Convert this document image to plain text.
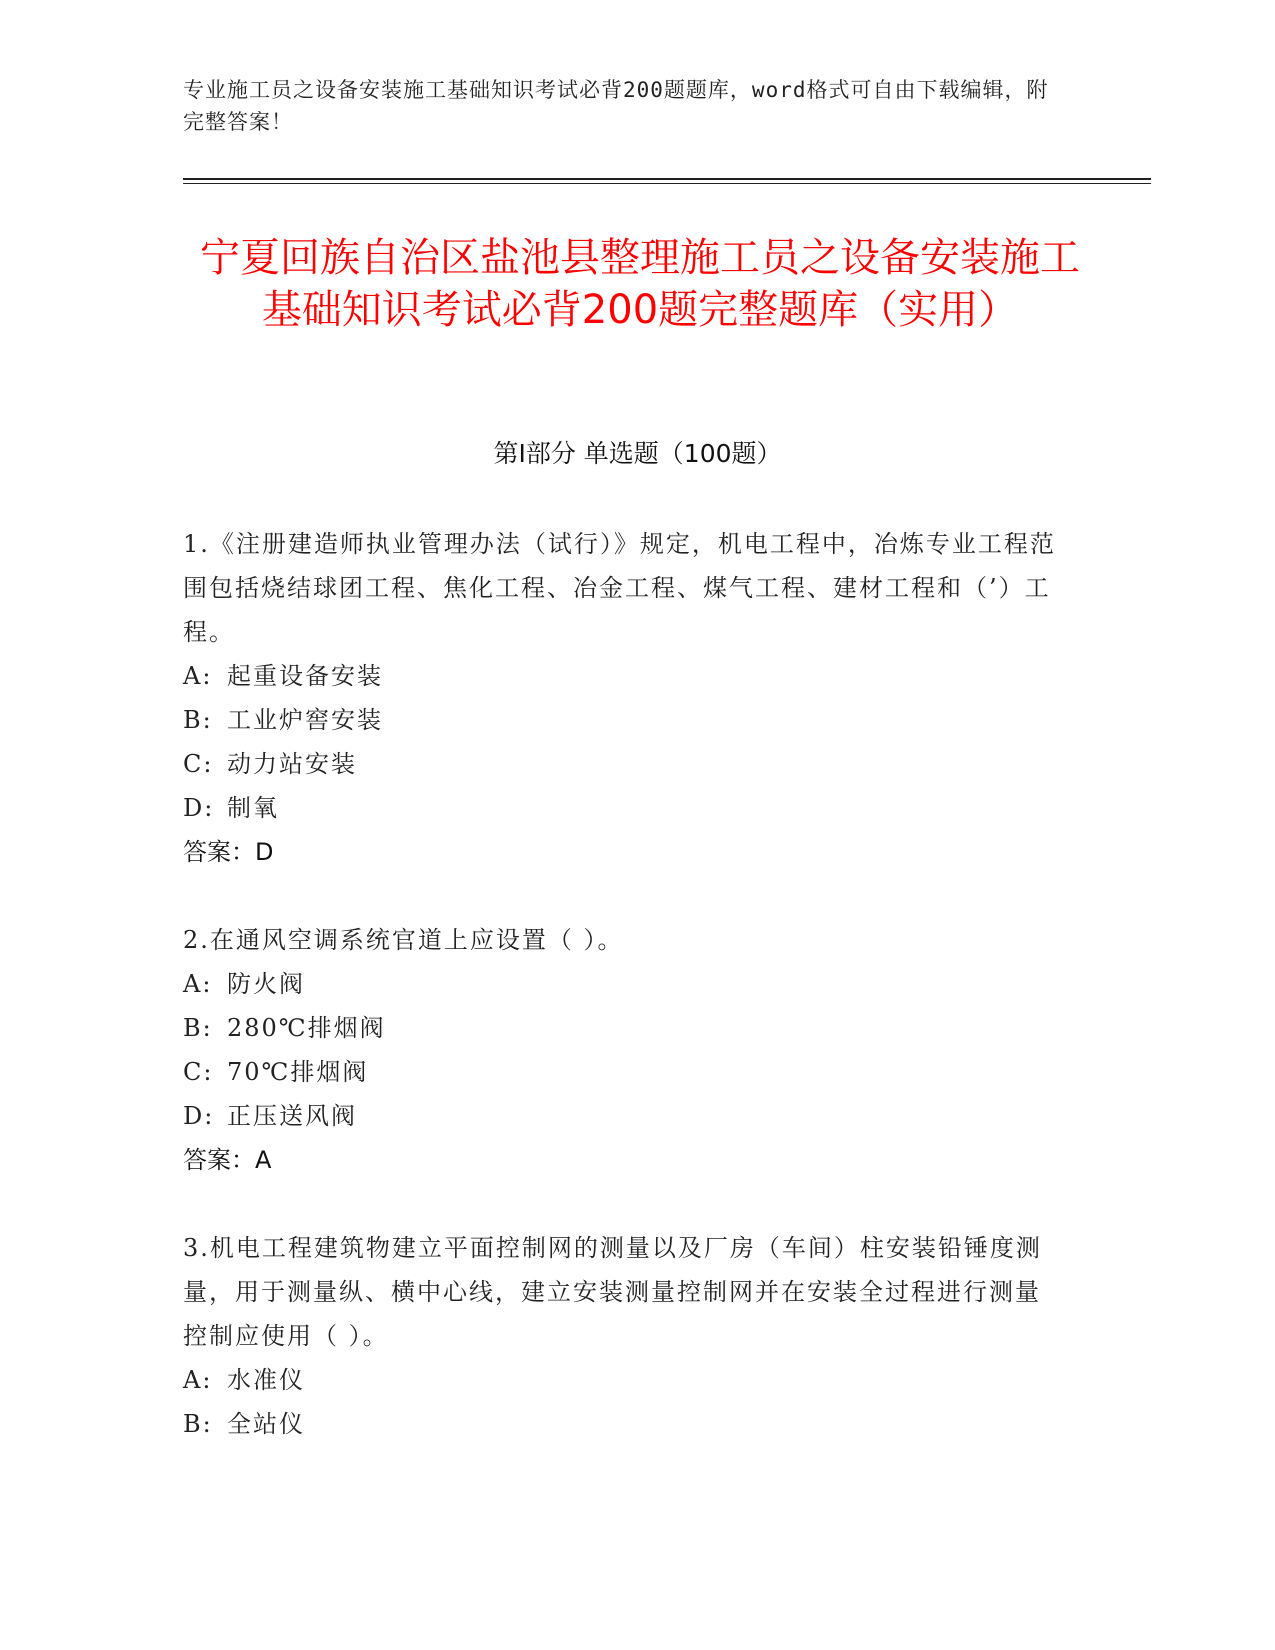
专业施工员之设备安装施工基础知识考试必背200题题库，word格式可自由下载编辑，附完整答案！
宁夏回族自治区盐池县整理施工员之设备安装施工基础知识考试必背200题完整题库（实用）
第I部分 单选题（100题）

1.《注册建造师执业管理办法（试行）》规定，机电工程中，冶炼专业工程范围包括烧结球团工程、焦化工程、冶金工程、煤气工程、建材工程和（’）工程。

A: 起重设备安装

B: 工业炉窖安装

C: 动力站安装

D: 制氧

答案：D

2.在通风空调系统官道上应设置（ ）。

A: 防火阀

B: 280℃排烟阀

C: 70℃排烟阀

D: 正压送风阀

答案：A

3.机电工程建筑物建立平面控制网的测量以及厂房（车间）柱安装铅锤度测量，用于测量纵、横中心线，建立安装测量控制网并在安装全过程进行测量控制应使用（ ）。

A: 水准仪

B: 全站仪
